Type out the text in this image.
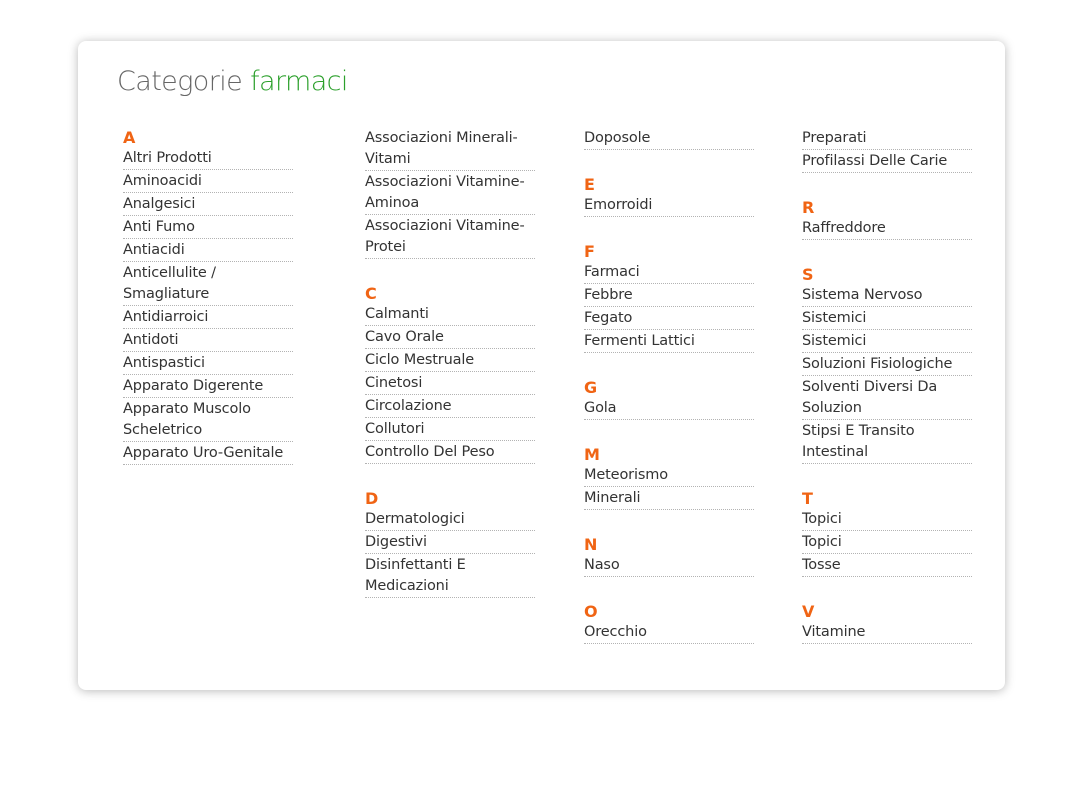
Categorie farmaci
A
Altri Prodotti
Aminoacidi
Analgesici
Anti Fumo
Antiacidi
Anticellulite / Smagliature
Antidiarroici
Antidoti
Antispastici
Apparato Digerente
Apparato Muscolo Scheletrico
Apparato Uro-Genitale
Associazioni Minerali-Vitami
Associazioni Vitamine-Aminoa
Associazioni Vitamine-Protei
C
Calmanti
Cavo Orale
Ciclo Mestruale
Cinetosi
Circolazione
Collutori
Controllo Del Peso
D
Dermatologici
Digestivi
Disinfettanti E Medicazioni
Doposole
E
Emorroidi
F
Farmaci
Febbre
Fegato
Fermenti Lattici
G
Gola
M
Meteorismo
Minerali
N
Naso
O
Orecchio
Preparati
Profilassi Delle Carie
R
Raffreddore
S
Sistema Nervoso
Sistemici
Sistemici
Soluzioni Fisiologiche
Solventi Diversi Da Soluzion
Stipsi E Transito Intestinal
T
Topici
Topici
Tosse
V
Vitamine
